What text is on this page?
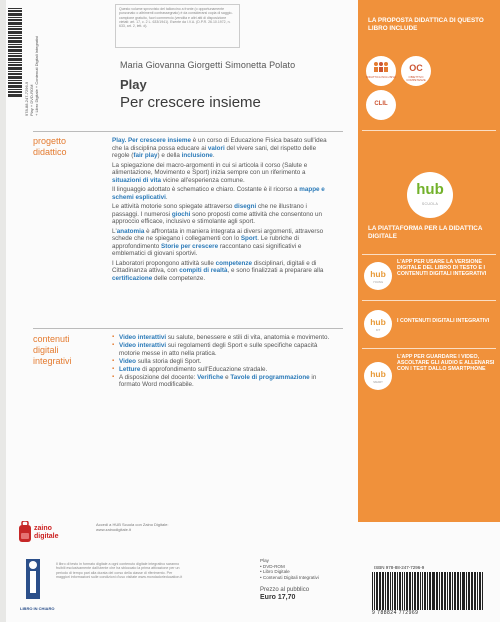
978-88-247-7296-9
Play + DVD-ROM
+ Libro Digitale + Contenuti Digitali Integrativi
Questo volume sprovvisto del talloncino a fronte (o opportunamente punzonato o altrimenti contrassegnato) è da considerarsi copia di saggio-campione gratuito, fuori commercio (vendita e altri atti di disposizione vietati: art. 17, c. 2 L. 633/1941). Esente da I.V.A. (D.P.R. 26.10.1972, n. 633, art. 2, lett. d).
Maria Giovanna Giorgetti Simonetta Polato
Play
Per crescere insieme
progetto
didattico

Play. Per crescere insieme è un corso di Educazione Fisica basato sull'idea che la disciplina possa educare ai valori del vivere sani, del rispetto delle regole (fair play) e della inclusione.

La spiegazione dei macro-argomenti in cui si articola il corso (Salute e alimentazione, Movimento e Sport) inizia sempre con un riferimento a situazioni di vita vicine all'esperienza comune.

Il linguaggio adottato è schematico e chiaro. Costante è il ricorso a mappe e schemi esplicativi.

Le attività motorie sono spiegate attraverso disegni che ne illustrano i passaggi. I numerosi giochi sono proposti come attività che consentono un approccio efficace, inclusivo e stimolante agli sport.

L'anatomia è affrontata in maniera integrata ai diversi argomenti, attraverso schede che ne spiegano i collegamenti con lo Sport. Le rubriche di approfondimento Storie per crescere raccontano casi significativi e emblematici di giovani sportivi.

I Laboratori propongono attività sulle competenze disciplinari, digitali e di Cittadinanza attiva, con compiti di realtà, e sono finalizzati a preparare alla certificazione delle competenze.

contenuti
digitali
integrativi
▪ Video interattivi su salute, benessere e stili di vita, anatomia e movimento.
▪ Video interattivi sui regolamenti degli Sport e sulle specifiche capacità motorie messe in atto nella pratica.
▪ Video sulla storia degli Sport.
▪ Letture di approfondimento sull'Educazione stradale.
▪ A disposizione del docente: Verifiche e Tavole di programmazione in formato Word modificabile.
zaino
digitale
Accedi a HUB Scuola con Zaino Digitale: www.zainodigitale.it
LIBRO IN CHIARO
Il libro di testo in formato digitale a ogni contenuto digitale integrativo saranno fruibili esclusivamente dall'utente che ha sbloccato la prima attivazione per un periodo di tempo pari alla durata del corso della classe di riferimento. Per maggiori informazioni sulle condizioni d'uso visitate www.mondadorieducation.it
Play
• DVD-ROM
• Libro Digitale
• Contenuti Digitali Integrativi
Prezzo al pubblico
Euro 17,70
ISBN 978-88-247-7296-9
9 788824 772969
LA PROPOSTA DIDATTICA DI QUESTO LIBRO INCLUDE
DIDATTICA INCLUSIVA
OC
OBIETTIVO COMPETENZE
CLIL
hub
SCUOLA
LA PIATTAFORMA PER LA DIDATTICA DIGITALE
hub
YOUNG
L'APP PER USARE LA VERSIONE DIGITALE DEL LIBRO DI TESTO E I CONTENUTI DIGITALI INTEGRATIVI
hub
KIT
I CONTENUTI DIGITALI INTEGRATIVI
hub
SMART
L'APP PER GUARDARE I VIDEO, ASCOLTARE GLI AUDIO E ALLENARSI CON I TEST DALLO SMARTPHONE
